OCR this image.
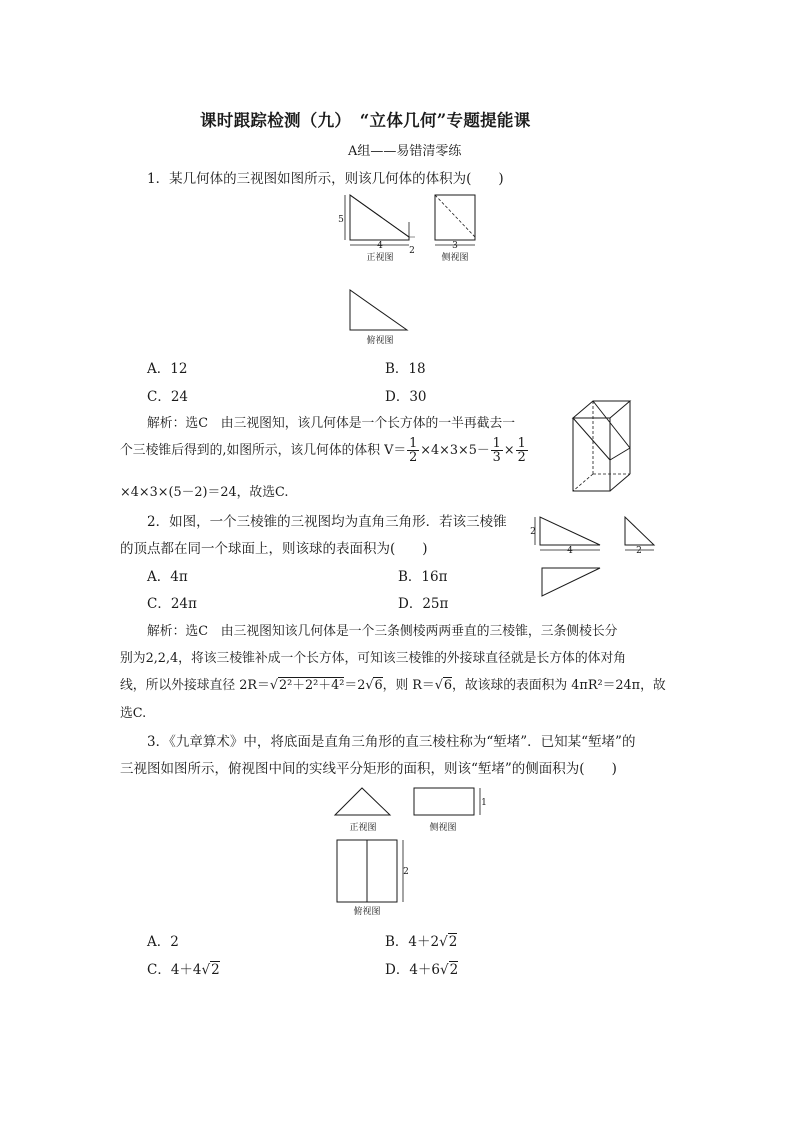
课时跟踪检测（九）　“立体几何”专题提能课
A组——易错清零练
1．某几何体的三视图如图所示，则该几何体的体积为(　　)
5
2
4
正视图
3
侧视图
俯视图
A．12	B．18
C．24	D．30
解析：选C　由三视图知，该几何体是一个长方体的一半再截去一
个三棱锥后得到的,如图所示，该几何体的体积 $V= \frac{1}{2} \times 4\times 3\times 5- \frac{1}{3} \times \frac{1}{2}$
×4×3×(5－2)＝24，故选C.
2．如图，一个三棱锥的三视图均为直角三角形．若该三棱锥
的顶点都在同一个球面上，则该球的表面积为(　　)
2
4	2
A．4π	B．16π
C．24π	D．25π
解析：选C　由三视图知该几何体是一个三条侧棱两两垂直的三棱锥，三条侧棱长分
别为2,2,4，将该三棱锥补成一个长方体，可知该三棱锥的外接球直径就是长方体的体对角
线，所以外接球直径 2R＝√2²＋2²＋4²＝2√6，则 R＝√6，故该球的表面积为 4πR²＝24π，故
选C.
3．《九章算术》中，将底面是直角三角形的直三棱柱称为“堑堵”．已知某“堑堵”的
三视图如图所示，俯视图中间的实线平分矩形的面积，则该“堑堵”的侧面积为(　　)
正视图
1
侧视图
2
俯视图
A．2	B．4＋2√2
C．4＋4√2	D．4＋6√2
